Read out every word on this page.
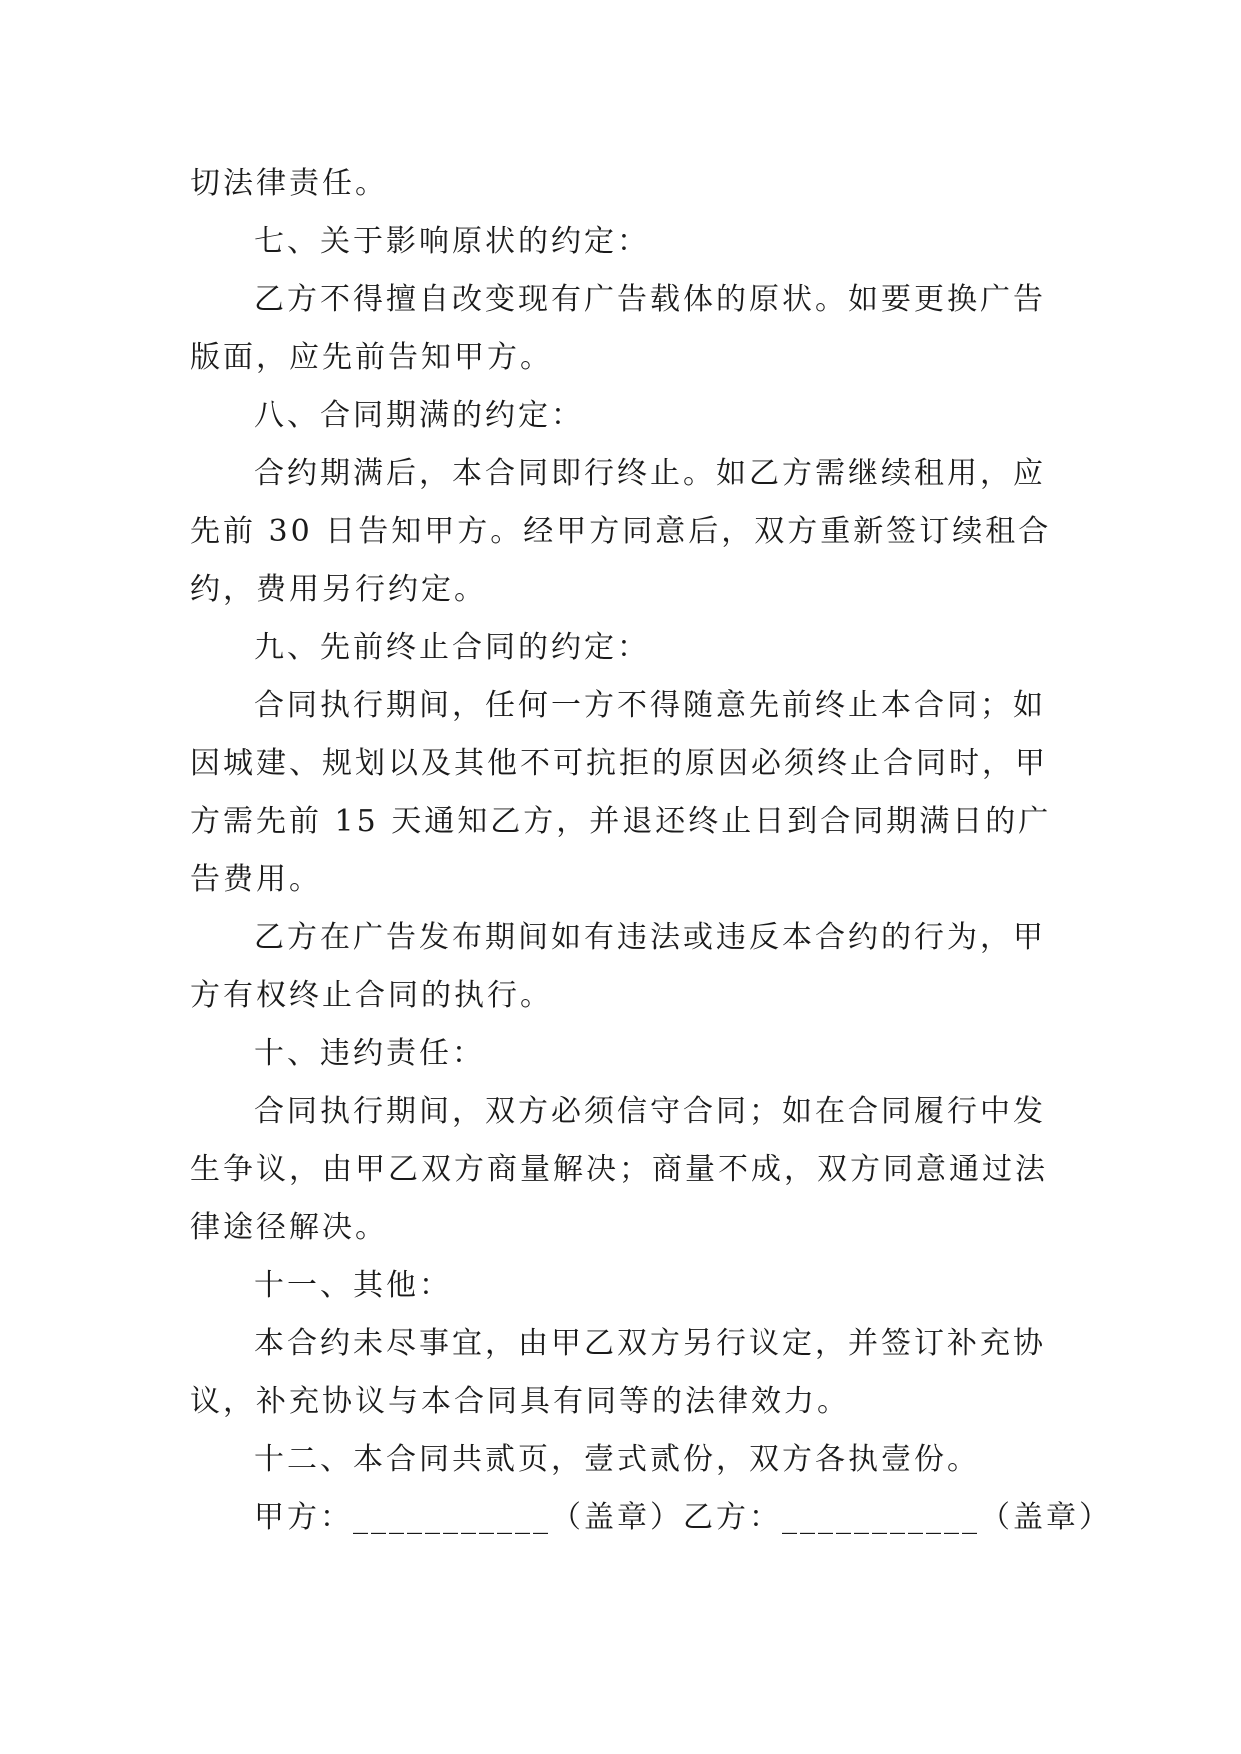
切法律责任。
七、关于影响原状的约定：
乙方不得擅自改变现有广告载体的原状。如要更换广告
版面，应先前告知甲方。
八、合同期满的约定：
合约期满后，本合同即行终止。如乙方需继续租用，应
先前 30 日告知甲方。经甲方同意后，双方重新签订续租合
约，费用另行约定。
九、先前终止合同的约定：
合同执行期间，任何一方不得随意先前终止本合同；如
因城建、规划以及其他不可抗拒的原因必须终止合同时，甲
方需先前 15 天通知乙方，并退还终止日到合同期满日的广
告费用。
乙方在广告发布期间如有违法或违反本合约的行为，甲
方有权终止合同的执行。
十、违约责任：
合同执行期间，双方必须信守合同；如在合同履行中发
生争议，由甲乙双方商量解决；商量不成，双方同意通过法
律途径解决。
十一、其他：
本合约未尽事宜，由甲乙双方另行议定，并签订补充协
议，补充协议与本合同具有同等的法律效力。
十二、本合同共贰页，壹式贰份，双方各执壹份。
甲方：___________（盖章）乙方：___________（盖章）
